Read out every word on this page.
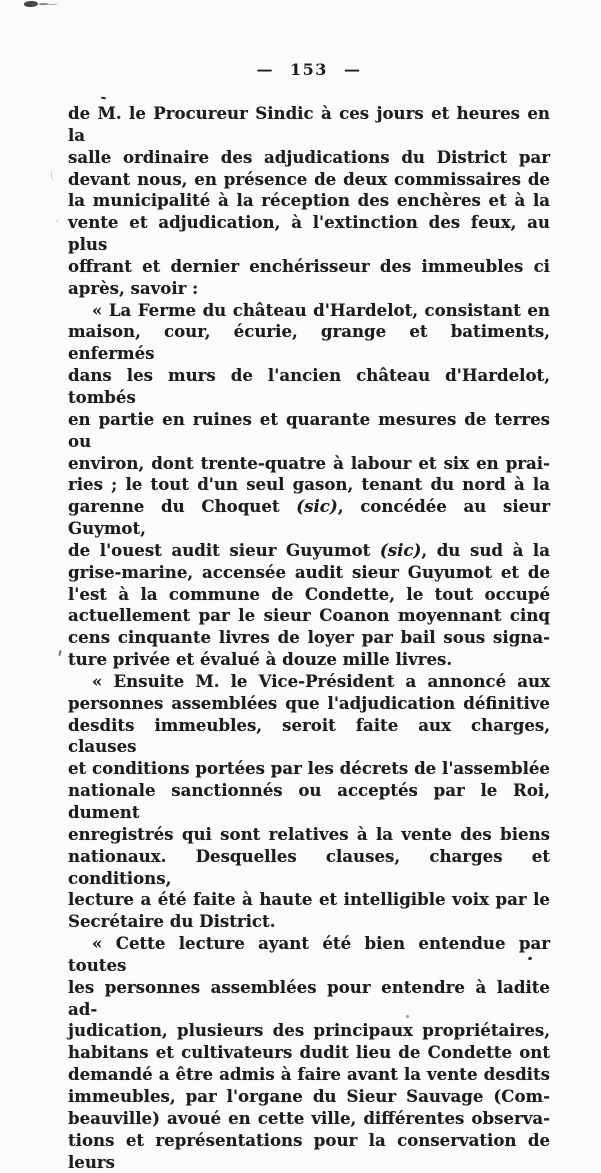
— 153 —
de M. le Procureur Sindic à ces jours et heures en la
salle ordinaire des adjudications du District par
devant nous, en présence de deux commissaires de
la municipalité à la réception des enchères et à la
vente et adjudication, à l'extinction des feux, au plus
offrant et dernier enchérisseur des immeubles ci
après, savoir :
« La Ferme du château d'Hardelot, consistant en
maison, cour, écurie, grange et batiments, enfermés
dans les murs de l'ancien château d'Hardelot, tombés
en partie en ruines et quarante mesures de terres ou
environ, dont trente-quatre à labour et six en prai-
ries ; le tout d'un seul gason, tenant du nord à la
garenne du Choquet (sic), concédée au sieur Guymot,
de l'ouest audit sieur Guyumot (sic), du sud à la
grise-marine, accensée audit sieur Guyumot et de
l'est à la commune de Condette, le tout occupé
actuellement par le sieur Coanon moyennant cinq
cens cinquante livres de loyer par bail sous signa-
ture privée et évalué à douze mille livres.
« Ensuite M. le Vice-Président a annoncé aux
personnes assemblées que l'adjudication définitive
desdits immeubles, seroit faite aux charges, clauses
et conditions portées par les décrets de l'assemblée
nationale sanctionnés ou acceptés par le Roi, dument
enregistrés qui sont relatives à la vente des biens
nationaux. Desquelles clauses, charges et conditions,
lecture a été faite à haute et intelligible voix par le
Secrétaire du District.
« Cette lecture ayant été bien entendue par toutes
les personnes assemblées pour entendre à ladite ad-
judication, plusieurs des principaux propriétaires,
habitans et cultivateurs dudit lieu de Condette ont
demandé a être admis à faire avant la vente desdits
immeubles, par l'organe du Sieur Sauvage (Com-
beauville) avoué en cette ville, différentes observa-
tions et représentations pour la conservation de leurs
